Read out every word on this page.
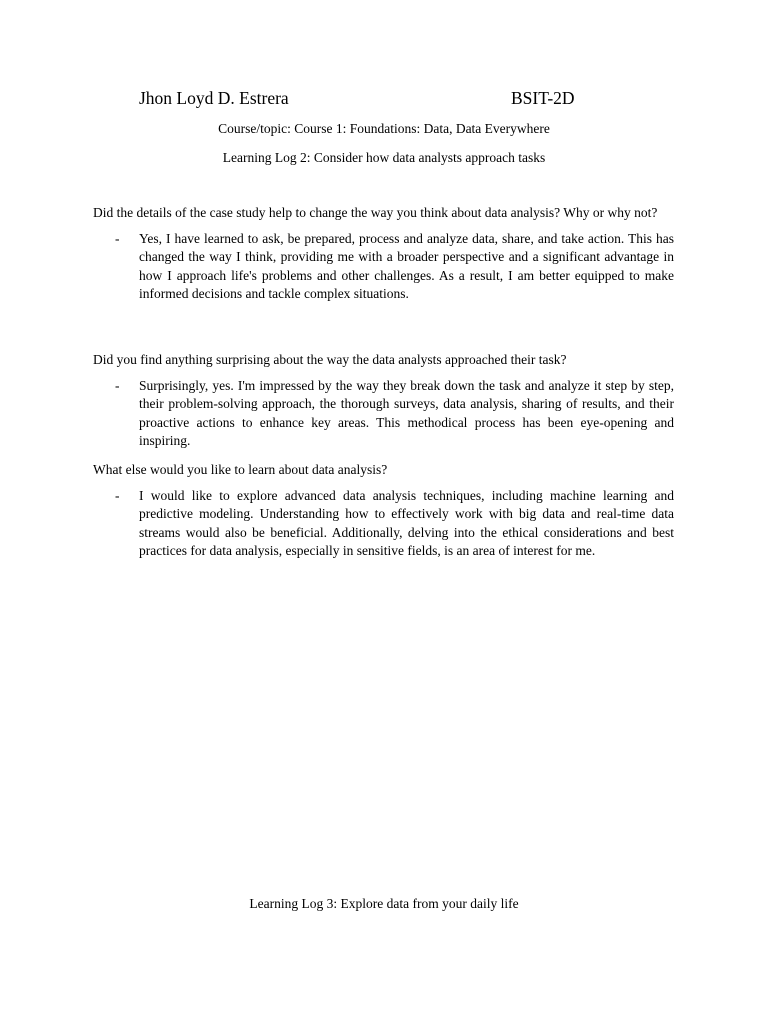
Jhon Loyd D. Estrera	BSIT-2D
Course/topic: Course 1: Foundations: Data, Data Everywhere
Learning Log 2: Consider how data analysts approach tasks

Did the details of the case study help to change the way you think about data analysis? Why or why not?

- Yes, I have learned to ask, be prepared, process and analyze data, share, and take action. This has changed the way I think, providing me with a broader perspective and a significant advantage in how I approach life's problems and other challenges. As a result, I am better equipped to make informed decisions and tackle complex situations.

Did you find anything surprising about the way the data analysts approached their task?

- Surprisingly, yes. I'm impressed by the way they break down the task and analyze it step by step, their problem-solving approach, the thorough surveys, data analysis, sharing of results, and their proactive actions to enhance key areas. This methodical process has been eye-opening and inspiring.

What else would you like to learn about data analysis?

- I would like to explore advanced data analysis techniques, including machine learning and predictive modeling. Understanding how to effectively work with big data and real-time data streams would also be beneficial. Additionally, delving into the ethical considerations and best practices for data analysis, especially in sensitive fields, is an area of interest for me.

Learning Log 3: Explore data from your daily life
